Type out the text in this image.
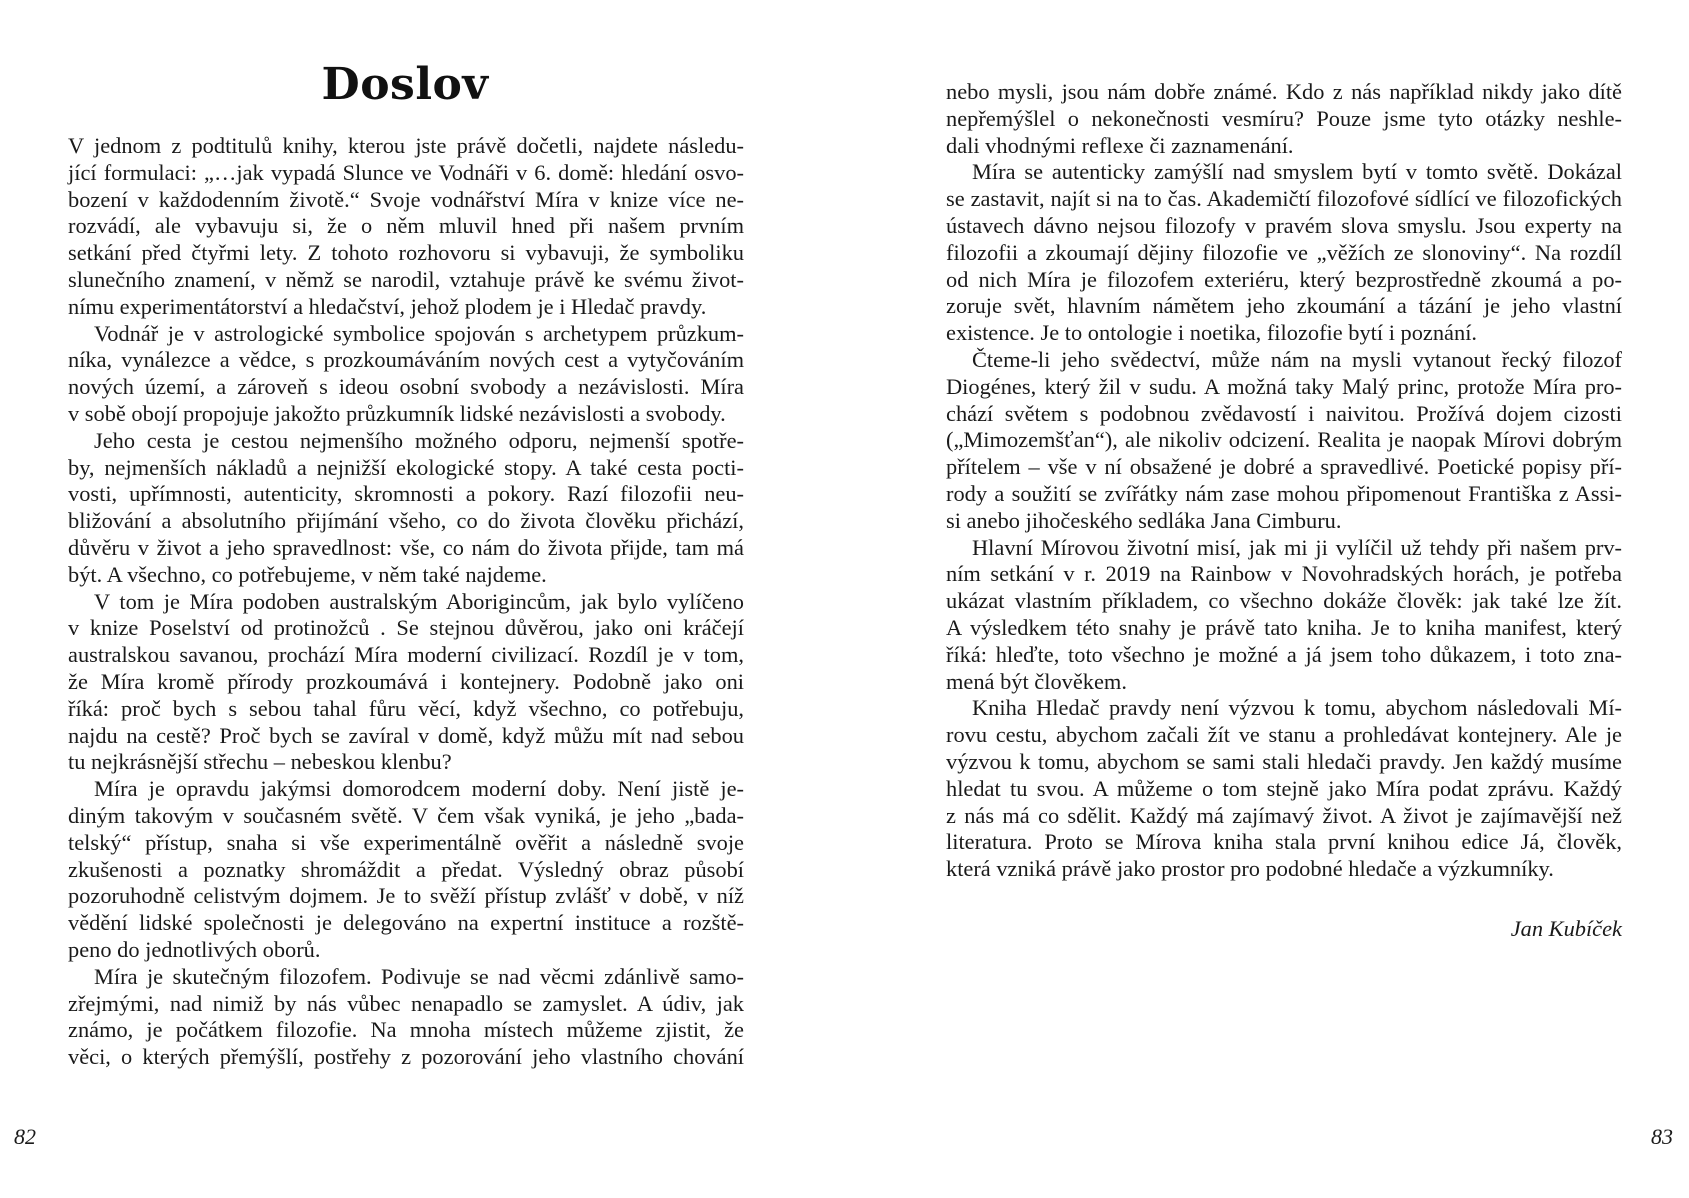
Doslov
V jednom z podtitulů knihy, kterou jste právě dočetli, najdete následu-
jící formulaci: „…jak vypadá Slunce ve Vodnáři v 6. domě: hledání osvo-
bození v každodenním životě.“ Svoje vodnářství Míra v knize více ne-
rozvádí, ale vybavuju si, že o něm mluvil hned při našem prvním
setkání před čtyřmi lety. Z tohoto rozhovoru si vybavuji, že symboliku
slunečního znamení, v němž se narodil, vztahuje právě ke svému život-
nímu experimentátorství a hledačství, jehož plodem je i Hledač pravdy.
Vodnář je v astrologické symbolice spojován s archetypem průzkum-
níka, vynálezce a vědce, s prozkoumáváním nových cest a vytyčováním
nových území, a zároveň s ideou osobní svobody a nezávislosti. Míra
v sobě obojí propojuje jakožto průzkumník lidské nezávislosti a svobody.
Jeho cesta je cestou nejmenšího možného odporu, nejmenší spotře-
by, nejmenších nákladů a nejnižší ekologické stopy. A také cesta pocti-
vosti, upřímnosti, autenticity, skromnosti a pokory. Razí filozofii neu-
bližování a absolutního přijímání všeho, co do života člověku přichází,
důvěru v život a jeho spravedlnost: vše, co nám do života přijde, tam má
být. A všechno, co potřebujeme, v něm také najdeme.
V tom je Míra podoben australským Aborigincům, jak bylo vylíčeno
v knize Poselství od protinožců . Se stejnou důvěrou, jako oni kráčejí
australskou savanou, prochází Míra moderní civilizací. Rozdíl je v tom,
že Míra kromě přírody prozkoumává i kontejnery. Podobně jako oni
říká: proč bych s sebou tahal fůru věcí, když všechno, co potřebuju,
najdu na cestě? Proč bych se zavíral v domě, když můžu mít nad sebou
tu nejkrásnější střechu – nebeskou klenbu?
Míra je opravdu jakýmsi domorodcem moderní doby. Není jistě je-
diným takovým v současném světě. V čem však vyniká, je jeho „bada-
telský“ přístup, snaha si vše experimentálně ověřit a následně svoje
zkušenosti a poznatky shromáždit a předat. Výsledný obraz působí
pozoruhodně celistvým dojmem. Je to svěží přístup zvlášť v době, v níž
vědění lidské společnosti je delegováno na expertní instituce a rozště-
peno do jednotlivých oborů.
Míra je skutečným filozofem. Podivuje se nad věcmi zdánlivě samo-
zřejmými, nad nimiž by nás vůbec nenapadlo se zamyslet. A údiv, jak
známo, je počátkem filozofie. Na mnoha místech můžeme zjistit, že
věci, o kterých přemýšlí, postřehy z pozorování jeho vlastního chování
82
nebo mysli, jsou nám dobře známé. Kdo z nás například nikdy jako dítě
nepřemýšlel o nekonečnosti vesmíru? Pouze jsme tyto otázky neshle-
dali vhodnými reflexe či zaznamenání.
Míra se autenticky zamýšlí nad smyslem bytí v tomto světě. Dokázal
se zastavit, najít si na to čas. Akademičtí filozofové sídlící ve filozofických
ústavech dávno nejsou filozofy v pravém slova smyslu. Jsou experty na
filozofii a zkoumají dějiny filozofie ve „věžích ze slonoviny“. Na rozdíl
od nich Míra je filozofem exteriéru, který bezprostředně zkoumá a po-
zoruje svět, hlavním námětem jeho zkoumání a tázání je jeho vlastní
existence. Je to ontologie i noetika, filozofie bytí i poznání.
Čteme-li jeho svědectví, může nám na mysli vytanout řecký filozof
Diogénes, který žil v sudu. A možná taky Malý princ, protože Míra pro-
chází světem s podobnou zvědavostí i naivitou. Prožívá dojem cizosti
(„Mimozemšťan“), ale nikoliv odcizení. Realita je naopak Mírovi dobrým
přítelem – vše v ní obsažené je dobré a spravedlivé. Poetické popisy pří-
rody a soužití se zvířátky nám zase mohou připomenout Františka z Assi-
si anebo jihočeského sedláka Jana Cimburu.
Hlavní Mírovou životní misí, jak mi ji vylíčil už tehdy při našem prv-
ním setkání v r. 2019 na Rainbow v Novohradských horách, je potřeba
ukázat vlastním příkladem, co všechno dokáže člověk: jak také lze žít.
A výsledkem této snahy je právě tato kniha. Je to kniha manifest, který
říká: hleďte, toto všechno je možné a já jsem toho důkazem, i toto zna-
mená být člověkem.
Kniha Hledač pravdy není výzvou k tomu, abychom následovali Mí-
rovu cestu, abychom začali žít ve stanu a prohledávat kontejnery. Ale je
výzvou k tomu, abychom se sami stali hledači pravdy. Jen každý musíme
hledat tu svou. A můžeme o tom stejně jako Míra podat zprávu. Každý
z nás má co sdělit. Každý má zajímavý život. A život je zajímavější než
literatura. Proto se Mírova kniha stala první knihou edice Já, člověk,
která vzniká právě jako prostor pro podobné hledače a výzkumníky.
Jan Kubíček
83
